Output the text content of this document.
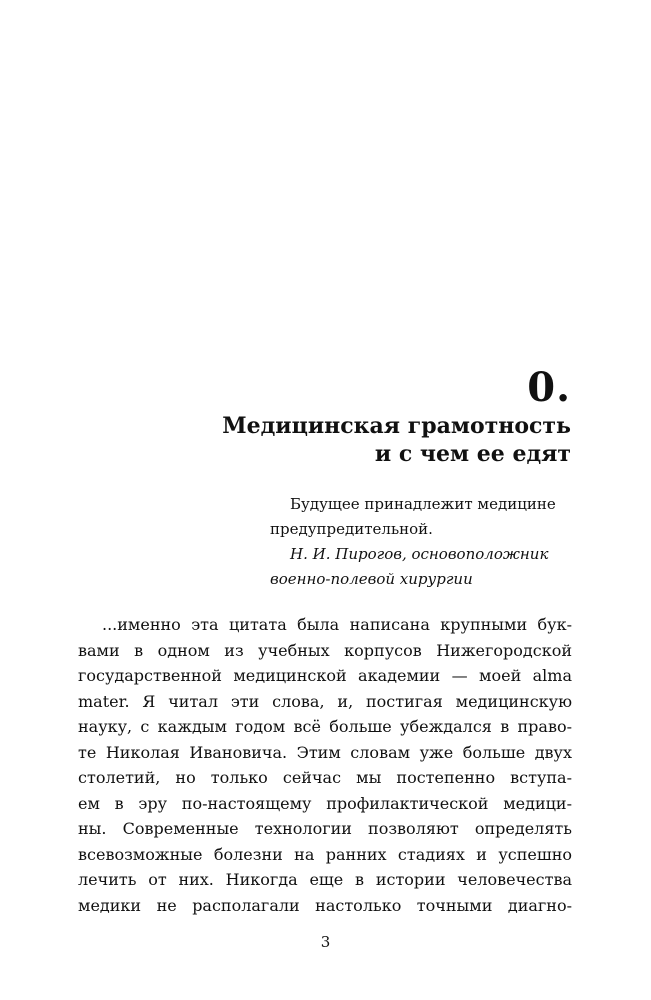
0.
Медицинская грамотность
и с чем ее едят
Будущее принадлежит медицине
предупредительной.
Н. И. Пирогов, основоположник
военно-полевой хирургии
...именно эта цитата была написана крупными бук-
вами в одном из учебных корпусов Нижегородской
государственной медицинской академии — моей alma
mater. Я читал эти слова, и, постигая медицинскую
науку, с каждым годом всё больше убеждался в право-
те Николая Ивановича. Этим словам уже больше двух
столетий, но только сейчас мы постепенно вступа-
ем в эру по-настоящему профилактической медици-
ны. Современные технологии позволяют определять
всевозможные болезни на ранних стадиях и успешно
лечить от них. Никогда еще в истории человечества
медики не располагали настолько точными диагно-
3
